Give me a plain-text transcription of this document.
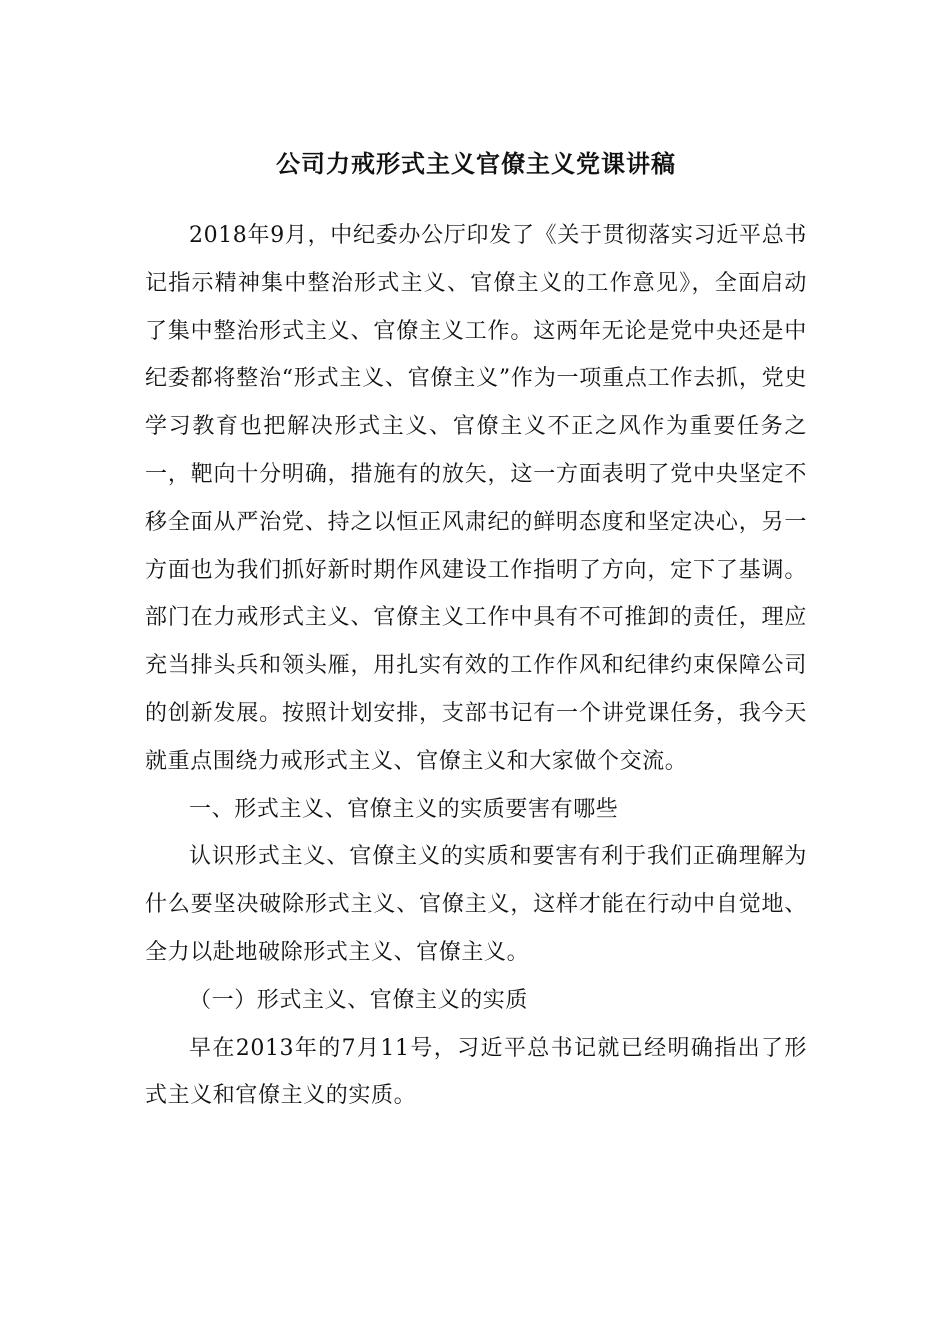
公司力戒形式主义官僚主义党课讲稿

2018年9月，中纪委办公厅印发了《关于贯彻落实习近平总书记指示精神集中整治形式主义、官僚主义的工作意见》，全面启动了集中整治形式主义、官僚主义工作。这两年无论是党中央还是中纪委都将整治“形式主义、官僚主义”作为一项重点工作去抓，党史学习教育也把解决形式主义、官僚主义不正之风作为重要任务之一，靶向十分明确，措施有的放矢，这一方面表明了党中央坚定不移全面从严治党、持之以恒正风肃纪的鲜明态度和坚定决心，另一方面也为我们抓好新时期作风建设工作指明了方向，定下了基调。部门在力戒形式主义、官僚主义工作中具有不可推卸的责任，理应充当排头兵和领头雁，用扎实有效的工作作风和纪律约束保障公司的创新发展。按照计划安排，支部书记有一个讲党课任务，我今天就重点围绕力戒形式主义、官僚主义和大家做个交流。

一、形式主义、官僚主义的实质要害有哪些

认识形式主义、官僚主义的实质和要害有利于我们正确理解为什么要坚决破除形式主义、官僚主义，这样才能在行动中自觉地、全力以赴地破除形式主义、官僚主义。

（一）形式主义、官僚主义的实质

早在2013年的7月11号，习近平总书记就已经明确指出了形式主义和官僚主义的实质。
